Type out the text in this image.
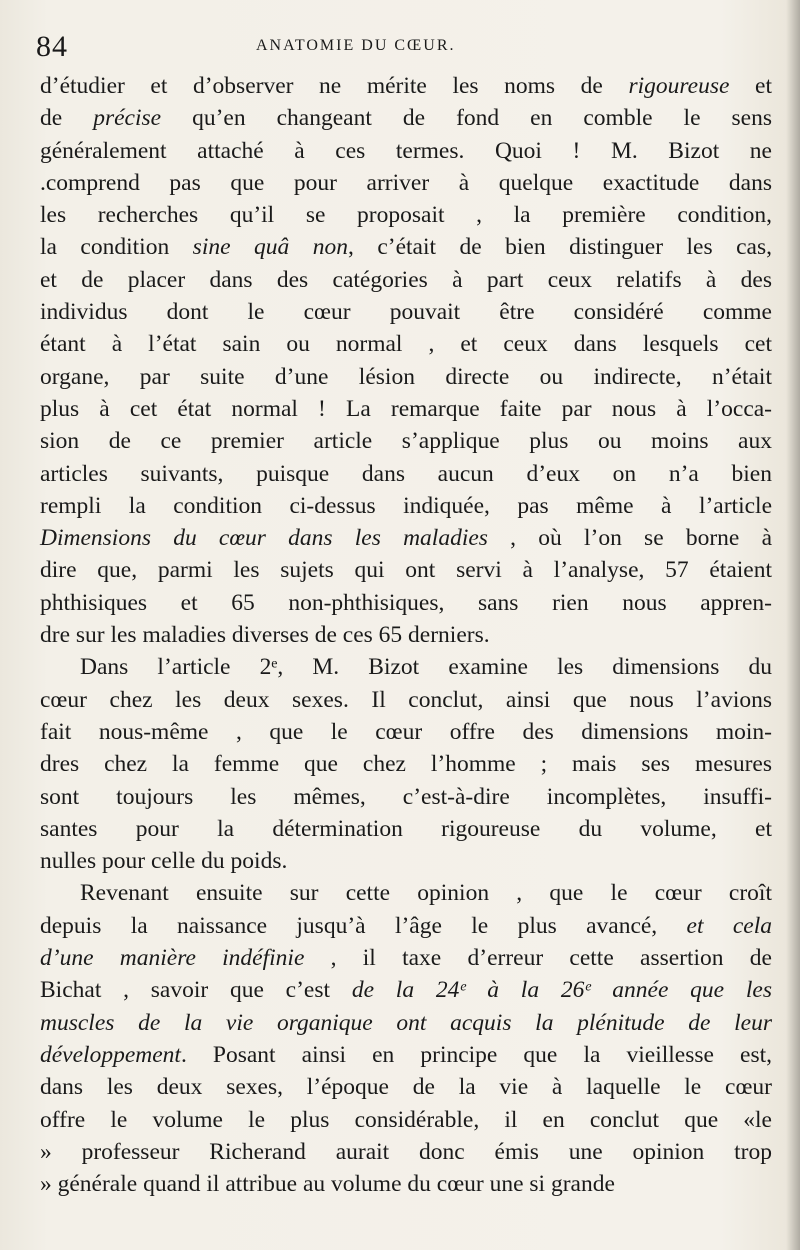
84	ANATOMIE DU CŒUR.
d’étudier et d’observer ne mérite les noms de rigoureuse et
de précise qu’en changeant de fond en comble le sens
généralement attaché à ces termes. Quoi ! M. Bizot ne
.comprend pas que pour arriver à quelque exactitude dans
les recherches qu’il se proposait , la première condition,
la condition sine quâ non, c’était de bien distinguer les cas,
et de placer dans des catégories à part ceux relatifs à des
individus dont le cœur pouvait être considéré comme
étant à l’état sain ou normal , et ceux dans lesquels cet
organe, par suite d’une lésion directe ou indirecte, n’était
plus à cet état normal ! La remarque faite par nous à l’occa-
sion de ce premier article s’applique plus ou moins aux
articles suivants, puisque dans aucun d’eux on n’a bien
rempli la condition ci-dessus indiquée, pas même à l’article
Dimensions du cœur dans les maladies , où l’on se borne à
dire que, parmi les sujets qui ont servi à l’analyse, 57 étaient
phthisiques et 65 non-phthisiques, sans rien nous appren-
dre sur les maladies diverses de ces 65 derniers.
Dans l’article 2ᵉ, M. Bizot examine les dimensions du
cœur chez les deux sexes. Il conclut, ainsi que nous l’avions
fait nous-même , que le cœur offre des dimensions moin-
dres chez la femme que chez l’homme ; mais ses mesures
sont toujours les mêmes, c’est-à-dire incomplètes, insuffi-
santes pour la détermination rigoureuse du volume, et
nulles pour celle du poids.
Revenant ensuite sur cette opinion , que le cœur croît
depuis la naissance jusqu’à l’âge le plus avancé, et cela
d’une manière indéfinie , il taxe d’erreur cette assertion de
Bichat , savoir que c’est de la 24ᵉ à la 26ᵉ année que les
muscles de la vie organique ont acquis la plénitude de leur
développement. Posant ainsi en principe que la vieillesse est,
dans les deux sexes, l’époque de la vie à laquelle le cœur
offre le volume le plus considérable, il en conclut que «le
» professeur Richerand aurait donc émis une opinion trop
» générale quand il attribue au volume du cœur une si grande
